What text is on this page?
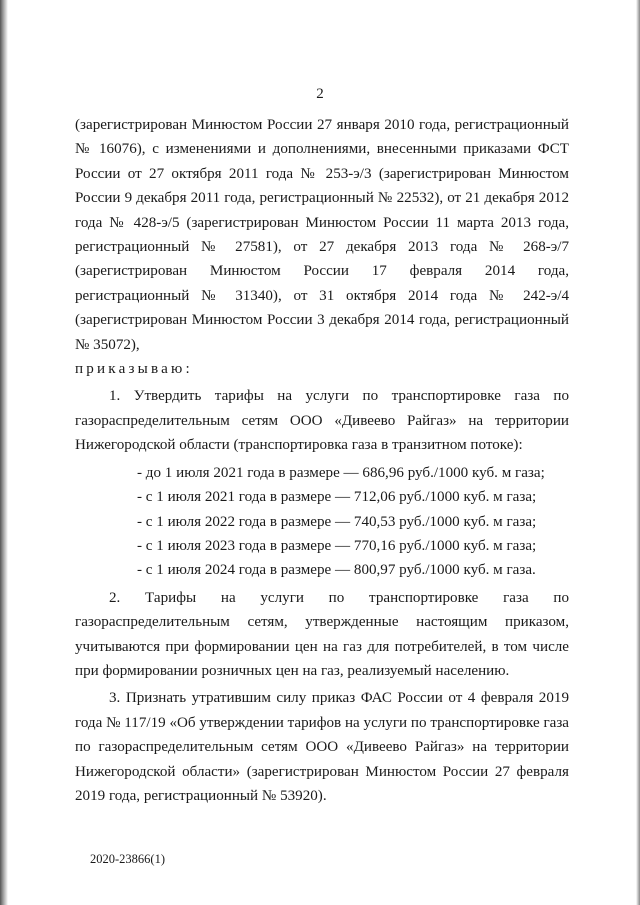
2

(зарегистрирован Минюстом России 27 января 2010 года, регистрационный № 16076), с изменениями и дополнениями, внесенными приказами ФСТ России от 27 октября 2011 года № 253-э/3 (зарегистрирован Минюстом России 9 декабря 2011 года, регистрационный № 22532), от 21 декабря 2012 года № 428-э/5 (зарегистрирован Минюстом России 11 марта 2013 года, регистрационный № 27581), от 27 декабря 2013 года № 268-э/7 (зарегистрирован Минюстом России 17 февраля 2014 года, регистрационный № 31340), от 31 октября 2014 года № 242-э/4 (зарегистрирован Минюстом России 3 декабря 2014 года, регистрационный № 35072),

приказываю:

1. Утвердить тарифы на услуги по транспортировке газа по газораспределительным сетям ООО «Дивеево Райгаз» на территории Нижегородской области (транспортировка газа в транзитном потоке):

- до 1 июля 2021 года в размере — 686,96 руб./1000 куб. м газа;

- с 1 июля 2021 года в размере — 712,06 руб./1000 куб. м газа;

- с 1 июля 2022 года в размере — 740,53 руб./1000 куб. м газа;

- с 1 июля 2023 года в размере — 770,16 руб./1000 куб. м газа;

- с 1 июля 2024 года в размере — 800,97 руб./1000 куб. м газа.

2. Тарифы на услуги по транспортировке газа по газораспределительным сетям, утвержденные настоящим приказом, учитываются при формировании цен на газ для потребителей, в том числе при формировании розничных цен на газ, реализуемый населению.

3. Признать утратившим силу приказ ФАС России от 4 февраля 2019 года № 117/19 «Об утверждении тарифов на услуги по транспортировке газа по газораспределительным сетям ООО «Дивеево Райгаз» на территории Нижегородской области» (зарегистрирован Минюстом России 27 февраля 2019 года, регистрационный № 53920).

2020-23866(1)
